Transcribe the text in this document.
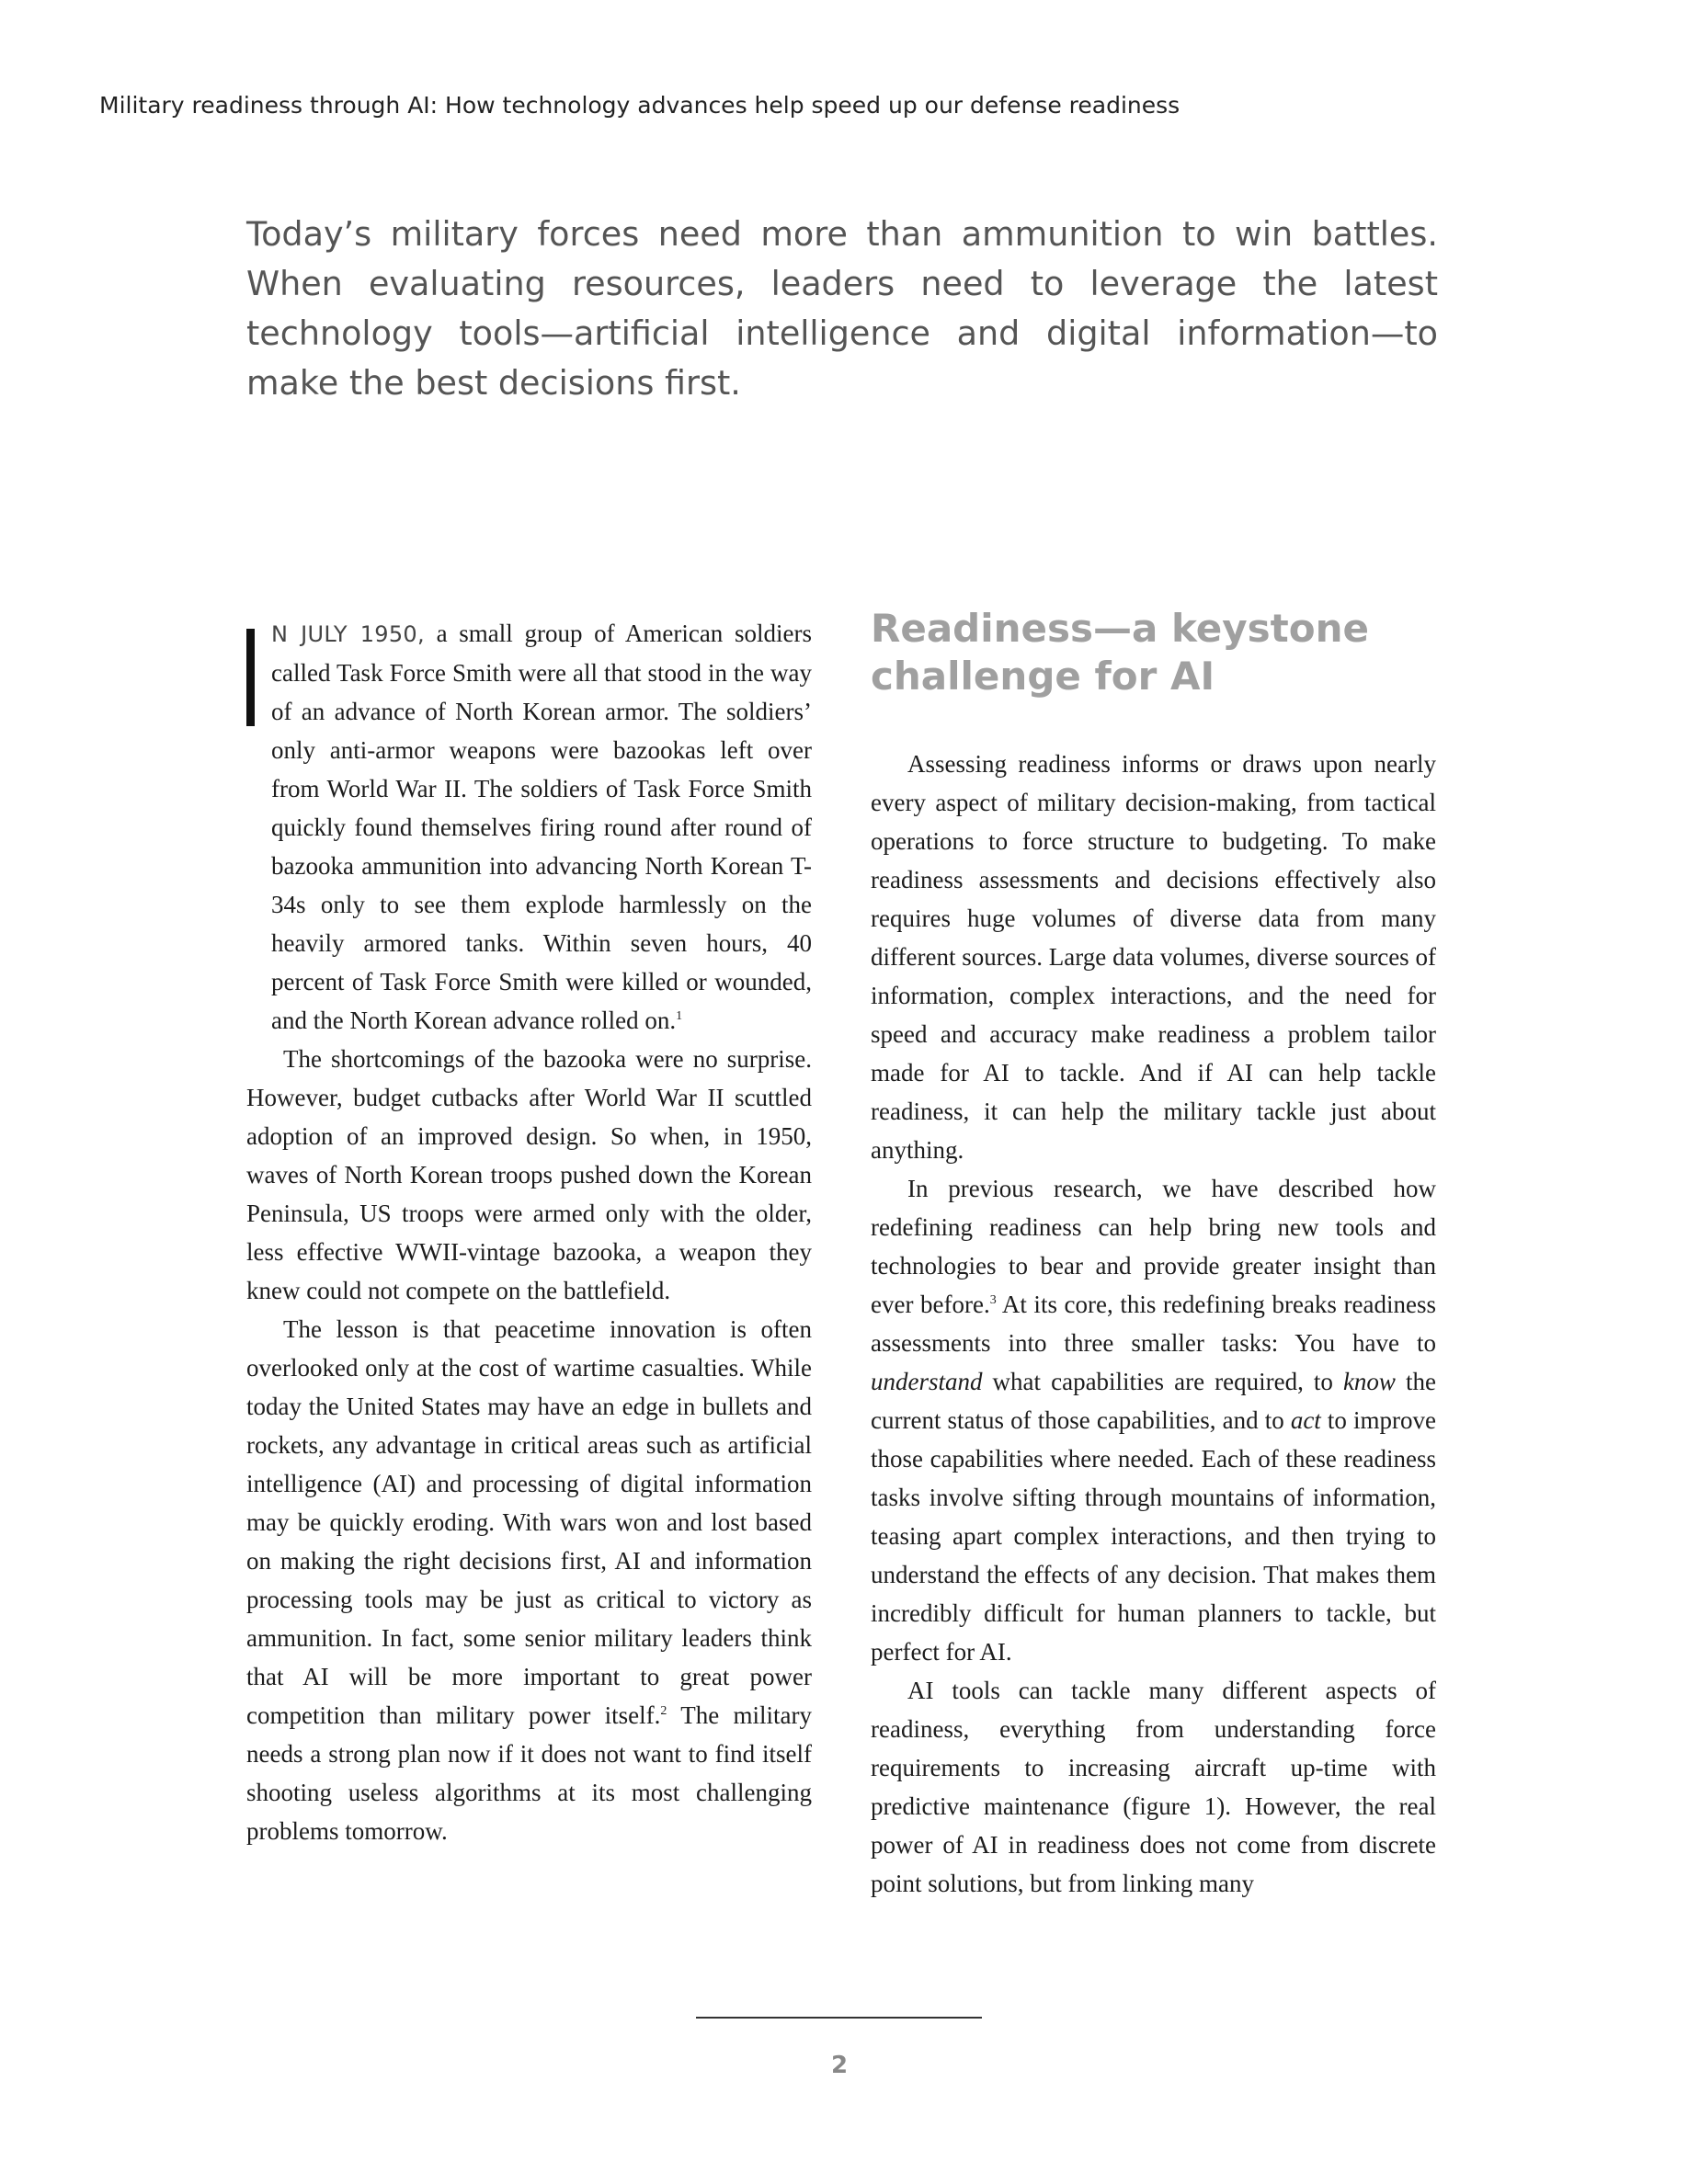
Military readiness through AI: How technology advances help speed up our defense readiness

Today’s military forces need more than ammunition to win battles. When evaluating resources, leaders need to leverage the latest technology tools—artificial intelligence and digital information—to make the best decisions first.

N JULY 1950, a small group of American soldiers called Task Force Smith were all that stood in the way of an advance of North Korean armor. The soldiers’ only anti-armor weapons were bazookas left over from World War II. The soldiers of Task Force Smith quickly found themselves firing round after round of bazooka ammunition into advancing North Korean T-34s only to see them explode harmlessly on the heavily armored tanks. Within seven hours, 40 percent of Task Force Smith were killed or wounded, and the North Korean advance rolled on.$^1$

The shortcomings of the bazooka were no surprise. However, budget cutbacks after World War II scuttled adoption of an improved design. So when, in 1950, waves of North Korean troops pushed down the Korean Peninsula, US troops were armed only with the older, less effective WWII-vintage bazooka, a weapon they knew could not compete on the battlefield.

The lesson is that peacetime innovation is often overlooked only at the cost of wartime casualties. While today the United States may have an edge in bullets and rockets, any advantage in critical areas such as artificial intelligence (AI) and processing of digital information may be quickly eroding. With wars won and lost based on making the right decisions first, AI and information processing tools may be just as critical to victory as ammunition. In fact, some senior military leaders think that AI will be more important to great power competition than military power itself.$^2$ The military needs a strong plan now if it does not want to find itself shooting useless algorithms at its most challenging problems tomorrow.

Readiness—a keystone challenge for AI

Assessing readiness informs or draws upon nearly every aspect of military decision-making, from tactical operations to force structure to budgeting. To make readiness assessments and decisions effectively also requires huge volumes of diverse data from many different sources. Large data volumes, diverse sources of information, complex interactions, and the need for speed and accuracy make readiness a problem tailor made for AI to tackle. And if AI can help tackle readiness, it can help the military tackle just about anything.

In previous research, we have described how redefining readiness can help bring new tools and technologies to bear and provide greater insight than ever before.$^3$ At its core, this redefining breaks readiness assessments into three smaller tasks: You have to understand what capabilities are required, to know the current status of those capabilities, and to act to improve those capabilities where needed. Each of these readiness tasks involve sifting through mountains of information, teasing apart complex interactions, and then trying to understand the effects of any decision. That makes them incredibly difficult for human planners to tackle, but perfect for AI.

AI tools can tackle many different aspects of readiness, everything from understanding force requirements to increasing aircraft up-time with predictive maintenance (figure 1). However, the real power of AI in readiness does not come from discrete point solutions, but from linking many

2
